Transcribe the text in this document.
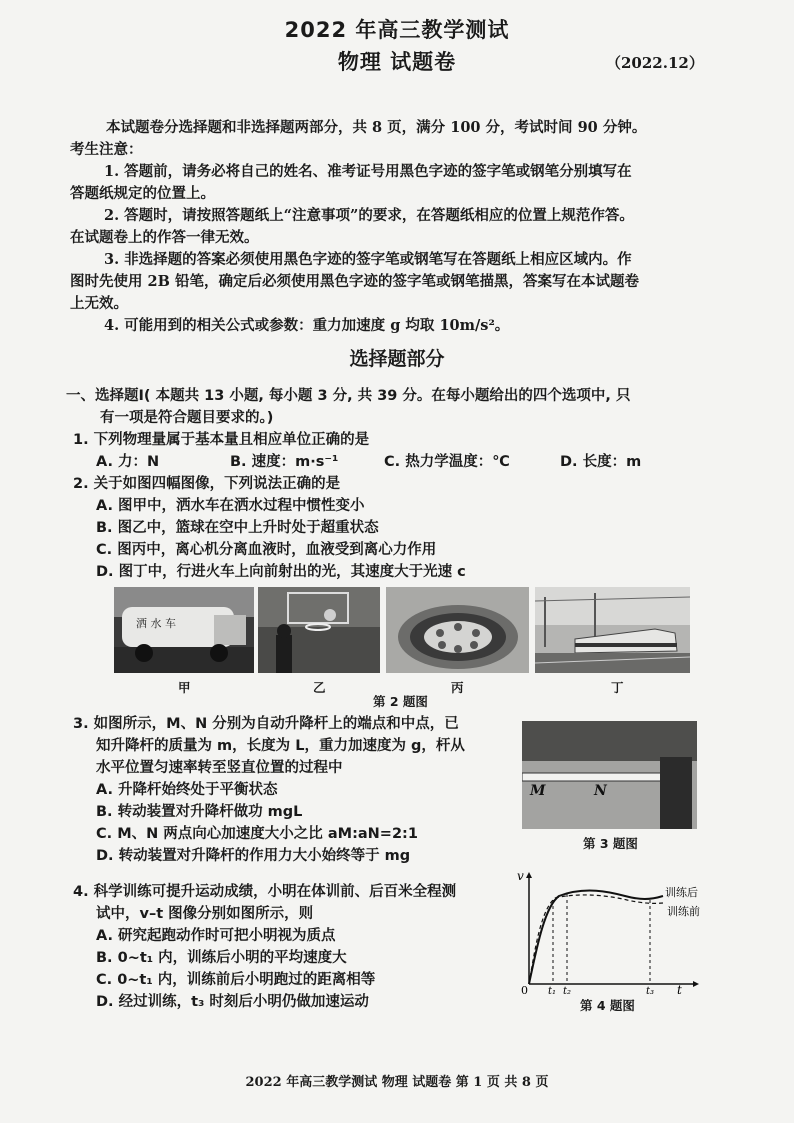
2022 年高三教学测试
物理 试题卷	（2022.12）
本试题卷分选择题和非选择题两部分，共 8 页，满分 100 分，考试时间 90 分钟。
考生注意：
1. 答题前，请务必将自己的姓名、准考证号用黑色字迹的签字笔或钢笔分别填写在
答题纸规定的位置上。
2. 答题时，请按照答题纸上“注意事项”的要求，在答题纸相应的位置上规范作答。
在试题卷上的作答一律无效。
3. 非选择题的答案必须使用黑色字迹的签字笔或钢笔写在答题纸上相应区域内。作
图时先使用 2B 铅笔，确定后必须使用黑色字迹的签字笔或钢笔描黑，答案写在本试题卷
上无效。
4. 可能用到的相关公式或参数：重力加速度 g 均取 10m/s²。
选择题部分
一、选择题Ⅰ( 本题共 13 小题, 每小题 3 分, 共 39 分。在每小题给出的四个选项中, 只
有一项是符合题目要求的。)
1. 下列物理量属于基本量且相应单位正确的是
A. 力：N	B. 速度：m·s⁻¹	C. 热力学温度：℃	D. 长度：m
2. 关于如图四幅图像，下列说法正确的是
A. 图甲中，洒水车在洒水过程中惯性变小
B. 图乙中，篮球在空中上升时处于超重状态
C. 图丙中，离心机分离血液时，血液受到离心力作用
D. 图丁中，行进火车上向前射出的光，其速度大于光速 c
洒 水 车
甲	乙	丙	丁
第 2 题图
3. 如图所示，M、N 分别为自动升降杆上的端点和中点，已
知升降杆的质量为 m，长度为 L，重力加速度为 g，杆从
水平位置匀速率转至竖直位置的过程中
A. 升降杆始终处于平衡状态
B. 转动装置对升降杆做功 mgL
C. M、N 两点向心加速度大小之比 aM:aN=2:1
D. 转动装置对升降杆的作用力大小始终等于 mg
M	N
第 3 题图
4. 科学训练可提升运动成绩，小明在体训前、后百米全程测
试中，v–t 图像分别如图所示，则
A. 研究起跑动作时可把小明视为质点
B. 0~t₁ 内，训练后小明的平均速度大
C. 0~t₁ 内，训练前后小明跑过的距离相等
D. 经过训练，t₃ 时刻后小明仍做加速运动
v
t
0 t₁ t₂	t₃
训练后
训练前
第 4 题图
2022 年高三教学测试 物理 试题卷 第 1 页 共 8 页
